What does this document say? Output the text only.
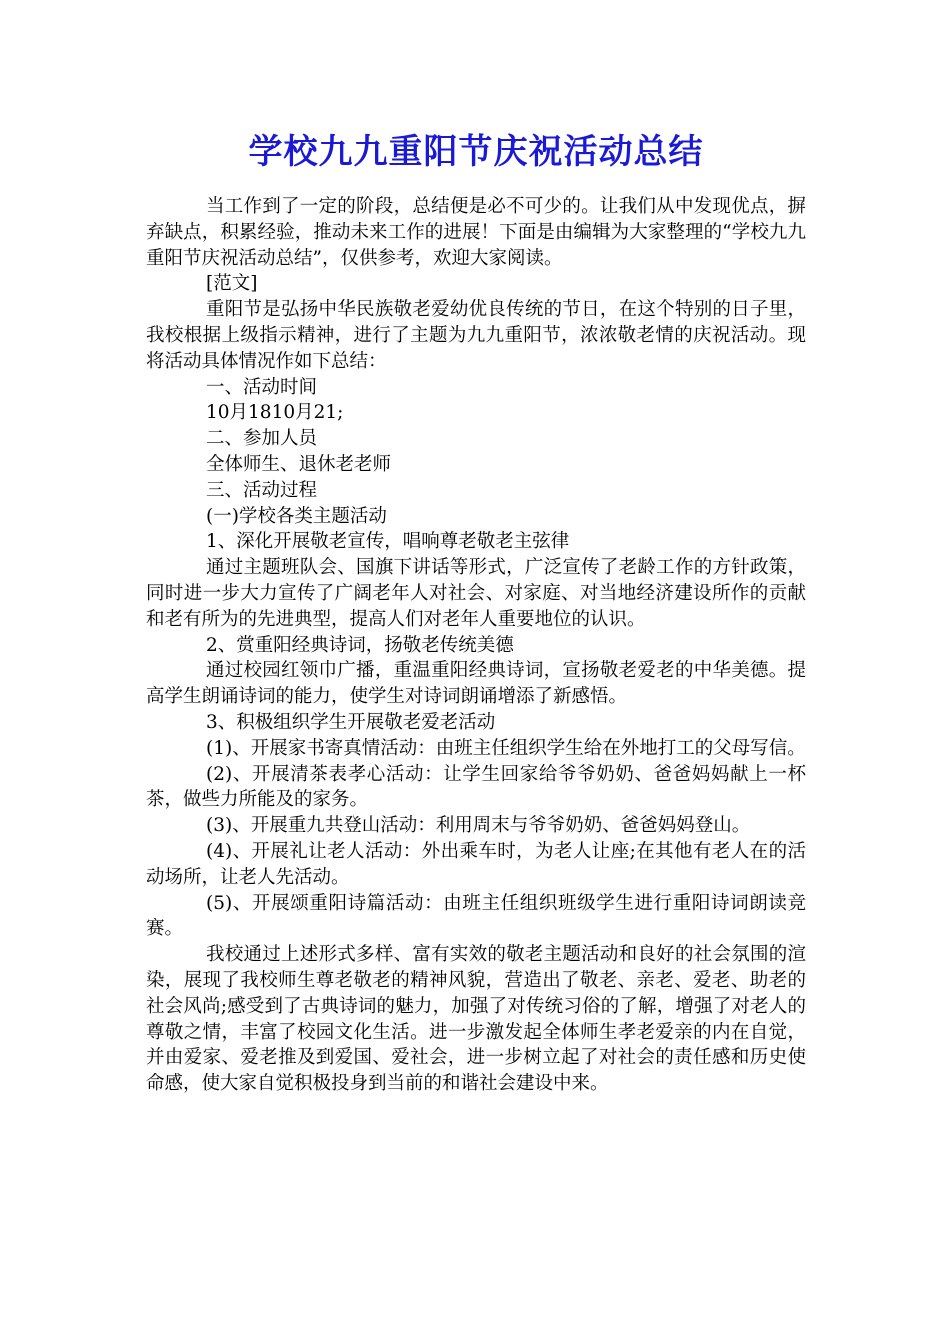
学校九九重阳节庆祝活动总结

当工作到了一定的阶段，总结便是必不可少的。让我们从中发现优点，摒弃缺点，积累经验，推动未来工作的进展！下面是由编辑为大家整理的“学校九九重阳节庆祝活动总结”，仅供参考，欢迎大家阅读。

[范文]

重阳节是弘扬中华民族敬老爱幼优良传统的节日，在这个特别的日子里，我校根据上级指示精神，进行了主题为九九重阳节，浓浓敬老情的庆祝活动。现将活动具体情况作如下总结：

一、活动时间

10月1810月21;

二、参加人员

全体师生、退休老老师

三、活动过程

(一)学校各类主题活动

1、深化开展敬老宣传，唱响尊老敬老主弦律

通过主题班队会、国旗下讲话等形式，广泛宣传了老龄工作的方针政策，同时进一步大力宣传了广阔老年人对社会、对家庭、对当地经济建设所作的贡献和老有所为的先进典型，提高人们对老年人重要地位的认识。

2、赏重阳经典诗词，扬敬老传统美德

通过校园红领巾广播，重温重阳经典诗词，宣扬敬老爱老的中华美德。提高学生朗诵诗词的能力，使学生对诗词朗诵增添了新感悟。

3、积极组织学生开展敬老爱老活动

(1)、开展家书寄真情活动：由班主任组织学生给在外地打工的父母写信。

(2)、开展清茶表孝心活动：让学生回家给爷爷奶奶、爸爸妈妈献上一杯茶，做些力所能及的家务。

(3)、开展重九共登山活动：利用周末与爷爷奶奶、爸爸妈妈登山。

(4)、开展礼让老人活动：外出乘车时，为老人让座;在其他有老人在的活动场所，让老人先活动。

(5)、开展颂重阳诗篇活动：由班主任组织班级学生进行重阳诗词朗读竞赛。

我校通过上述形式多样、富有实效的敬老主题活动和良好的社会氛围的渲染，展现了我校师生尊老敬老的精神风貌，营造出了敬老、亲老、爱老、助老的社会风尚;感受到了古典诗词的魅力，加强了对传统习俗的了解，增强了对老人的尊敬之情，丰富了校园文化生活。进一步激发起全体师生孝老爱亲的内在自觉，并由爱家、爱老推及到爱国、爱社会，进一步树立起了对社会的责任感和历史使命感，使大家自觉积极投身到当前的和谐社会建设中来。
